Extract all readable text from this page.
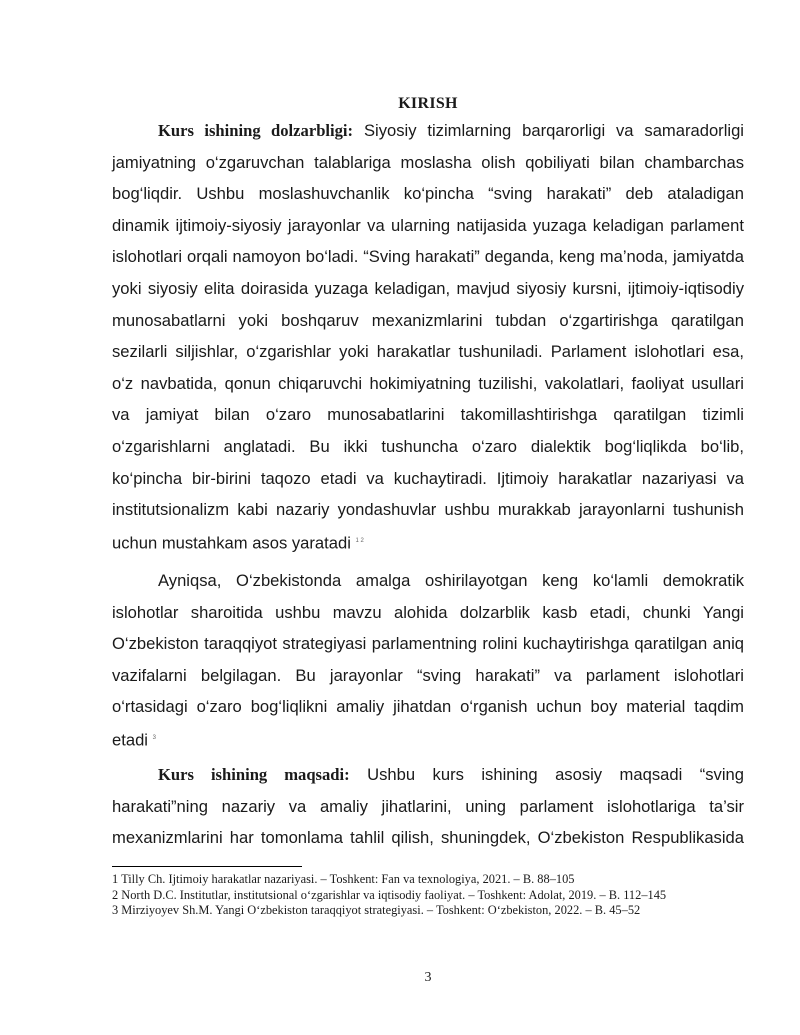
KIRISH
Kurs ishining dolzarbligi: Siyosiy tizimlarning barqarorligi va samaradorligi
jamiyatning o‘zgaruvchan talablariga moslasha olish qobiliyati bilan chambarchas
bog‘liqdir. Ushbu moslashuvchanlik ko‘pincha “sving harakati” deb ataladigan
dinamik ijtimoiy-siyosiy jarayonlar va ularning natijasida yuzaga keladigan parlament
islohotlari orqali namoyon bo‘ladi. “Sving harakati” deganda, keng ma’noda, jamiyatda
yoki siyosiy elita doirasida yuzaga keladigan, mavjud siyosiy kursni, ijtimoiy-iqtisodiy
munosabatlarni yoki boshqaruv mexanizmlarini tubdan o‘zgartirishga qaratilgan
sezilarli siljishlar, o‘zgarishlar yoki harakatlar tushuniladi. Parlament islohotlari esa,
o‘z navbatida, qonun chiqaruvchi hokimiyatning tuzilishi, vakolatlari, faoliyat usullari
va jamiyat bilan o‘zaro munosabatlarini takomillashtirishga qaratilgan tizimli
o‘zgarishlarni anglatadi. Bu ikki tushuncha o‘zaro dialektik bog‘liqlikda bo‘lib,
ko‘pincha bir-birini taqozo etadi va kuchaytiradi. Ijtimoiy harakatlar nazariyasi va
institutsionalizm kabi nazariy yondashuvlar ushbu murakkab jarayonlarni tushunish
uchun mustahkam asos yaratadi $^{1 2}$
Ayniqsa, O‘zbekistonda amalga oshirilayotgan keng ko‘lamli demokratik
islohotlar sharoitida ushbu mavzu alohida dolzarblik kasb etadi, chunki Yangi
O‘zbekiston taraqqiyot strategiyasi parlamentning rolini kuchaytirishga qaratilgan aniq
vazifalarni belgilagan. Bu jarayonlar “sving harakati” va parlament islohotlari
o‘rtasidagi o‘zaro bog‘liqlikni amaliy jihatdan o‘rganish uchun boy material taqdim
etadi $^3$
Kurs ishining maqsadi: Ushbu kurs ishining asosiy maqsadi “sving
harakati”ning nazariy va amaliy jihatlarini, uning parlament islohotlariga ta’sir
mexanizmlarini har tomonlama tahlil qilish, shuningdek, O‘zbekiston Respublikasida
1 Tilly Ch. Ijtimoiy harakatlar nazariyasi. – Toshkent: Fan va texnologiya, 2021. – B. 88–105
2 North D.C. Institutlar, institutsional o‘zgarishlar va iqtisodiy faoliyat. – Toshkent: Adolat, 2019. – B. 112–145
3 Mirziyoyev Sh.M. Yangi O‘zbekiston taraqqiyot strategiyasi. – Toshkent: O‘zbekiston, 2022. – B. 45–52
3
